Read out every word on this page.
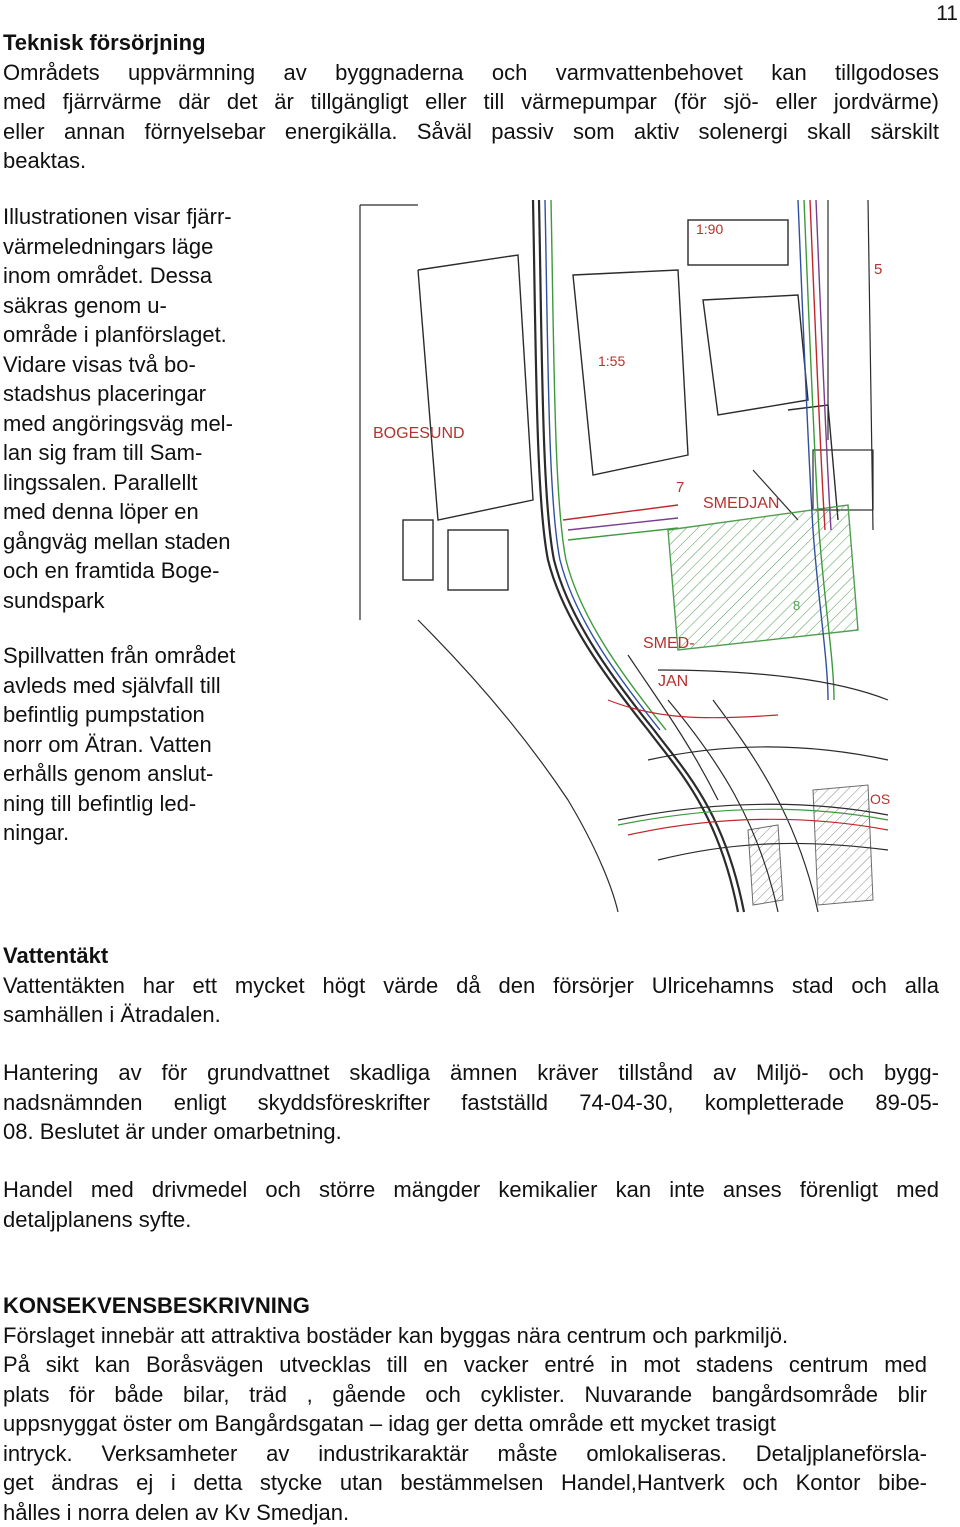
11
Teknisk försörjning
Områdets uppvärmning av byggnaderna och varmvattenbehovet kan tillgodoses
med fjärrvärme där det är tillgängligt eller till värmepumpar (för sjö- eller jordvärme)
eller annan förnyelsebar energikälla. Såväl passiv som aktiv solenergi skall särskilt
beaktas.
Illustrationen visar fjärr-
värmeledningars läge
inom området. Dessa
säkras genom u-
område i planförslaget.
Vidare visas två bo-
stadshus placeringar
med angöringsväg mel-
lan sig fram till Sam-
lingssalen. Parallellt
med denna löper en
gångväg mellan staden
och en framtida Boge-
sundspark
Spillvatten från området
avleds med självfall till
befintlig pumpstation
norr om Ätran. Vatten
erhålls genom anslut-
ning till befintlig led-
ningar.
BOGESUND
SMEDJAN
SMED-
JAN
1:90
1:55
5
7
8
OS
Vattentäkt
Vattentäkten har ett mycket högt värde då den försörjer Ulricehamns stad och alla
samhällen i Ätradalen.
Hantering av för grundvattnet skadliga ämnen kräver tillstånd av Miljö- och bygg-
nadsnämnden enligt skyddsföreskrifter fastställd 74-04-30, kompletterade 89-05-
08. Beslutet är under omarbetning.
Handel med drivmedel och större mängder kemikalier kan inte anses förenligt med
detaljplanens syfte.
KONSEKVENSBESKRIVNING
Förslaget innebär att attraktiva bostäder kan byggas nära centrum och parkmiljö.
På sikt kan Boråsvägen utvecklas till en vacker entré in mot stadens centrum med
plats för både bilar, träd , gående och cyklister. Nuvarande bangårdsområde blir
uppsnyggat öster om Bangårdsgatan – idag ger detta område ett mycket trasigt
intryck. Verksamheter av industrikaraktär måste omlokaliseras. Detaljplaneförsla-
get ändras ej i detta stycke utan bestämmelsen Handel,Hantverk och Kontor bibe-
hålles i norra delen av Kv Smedjan.
